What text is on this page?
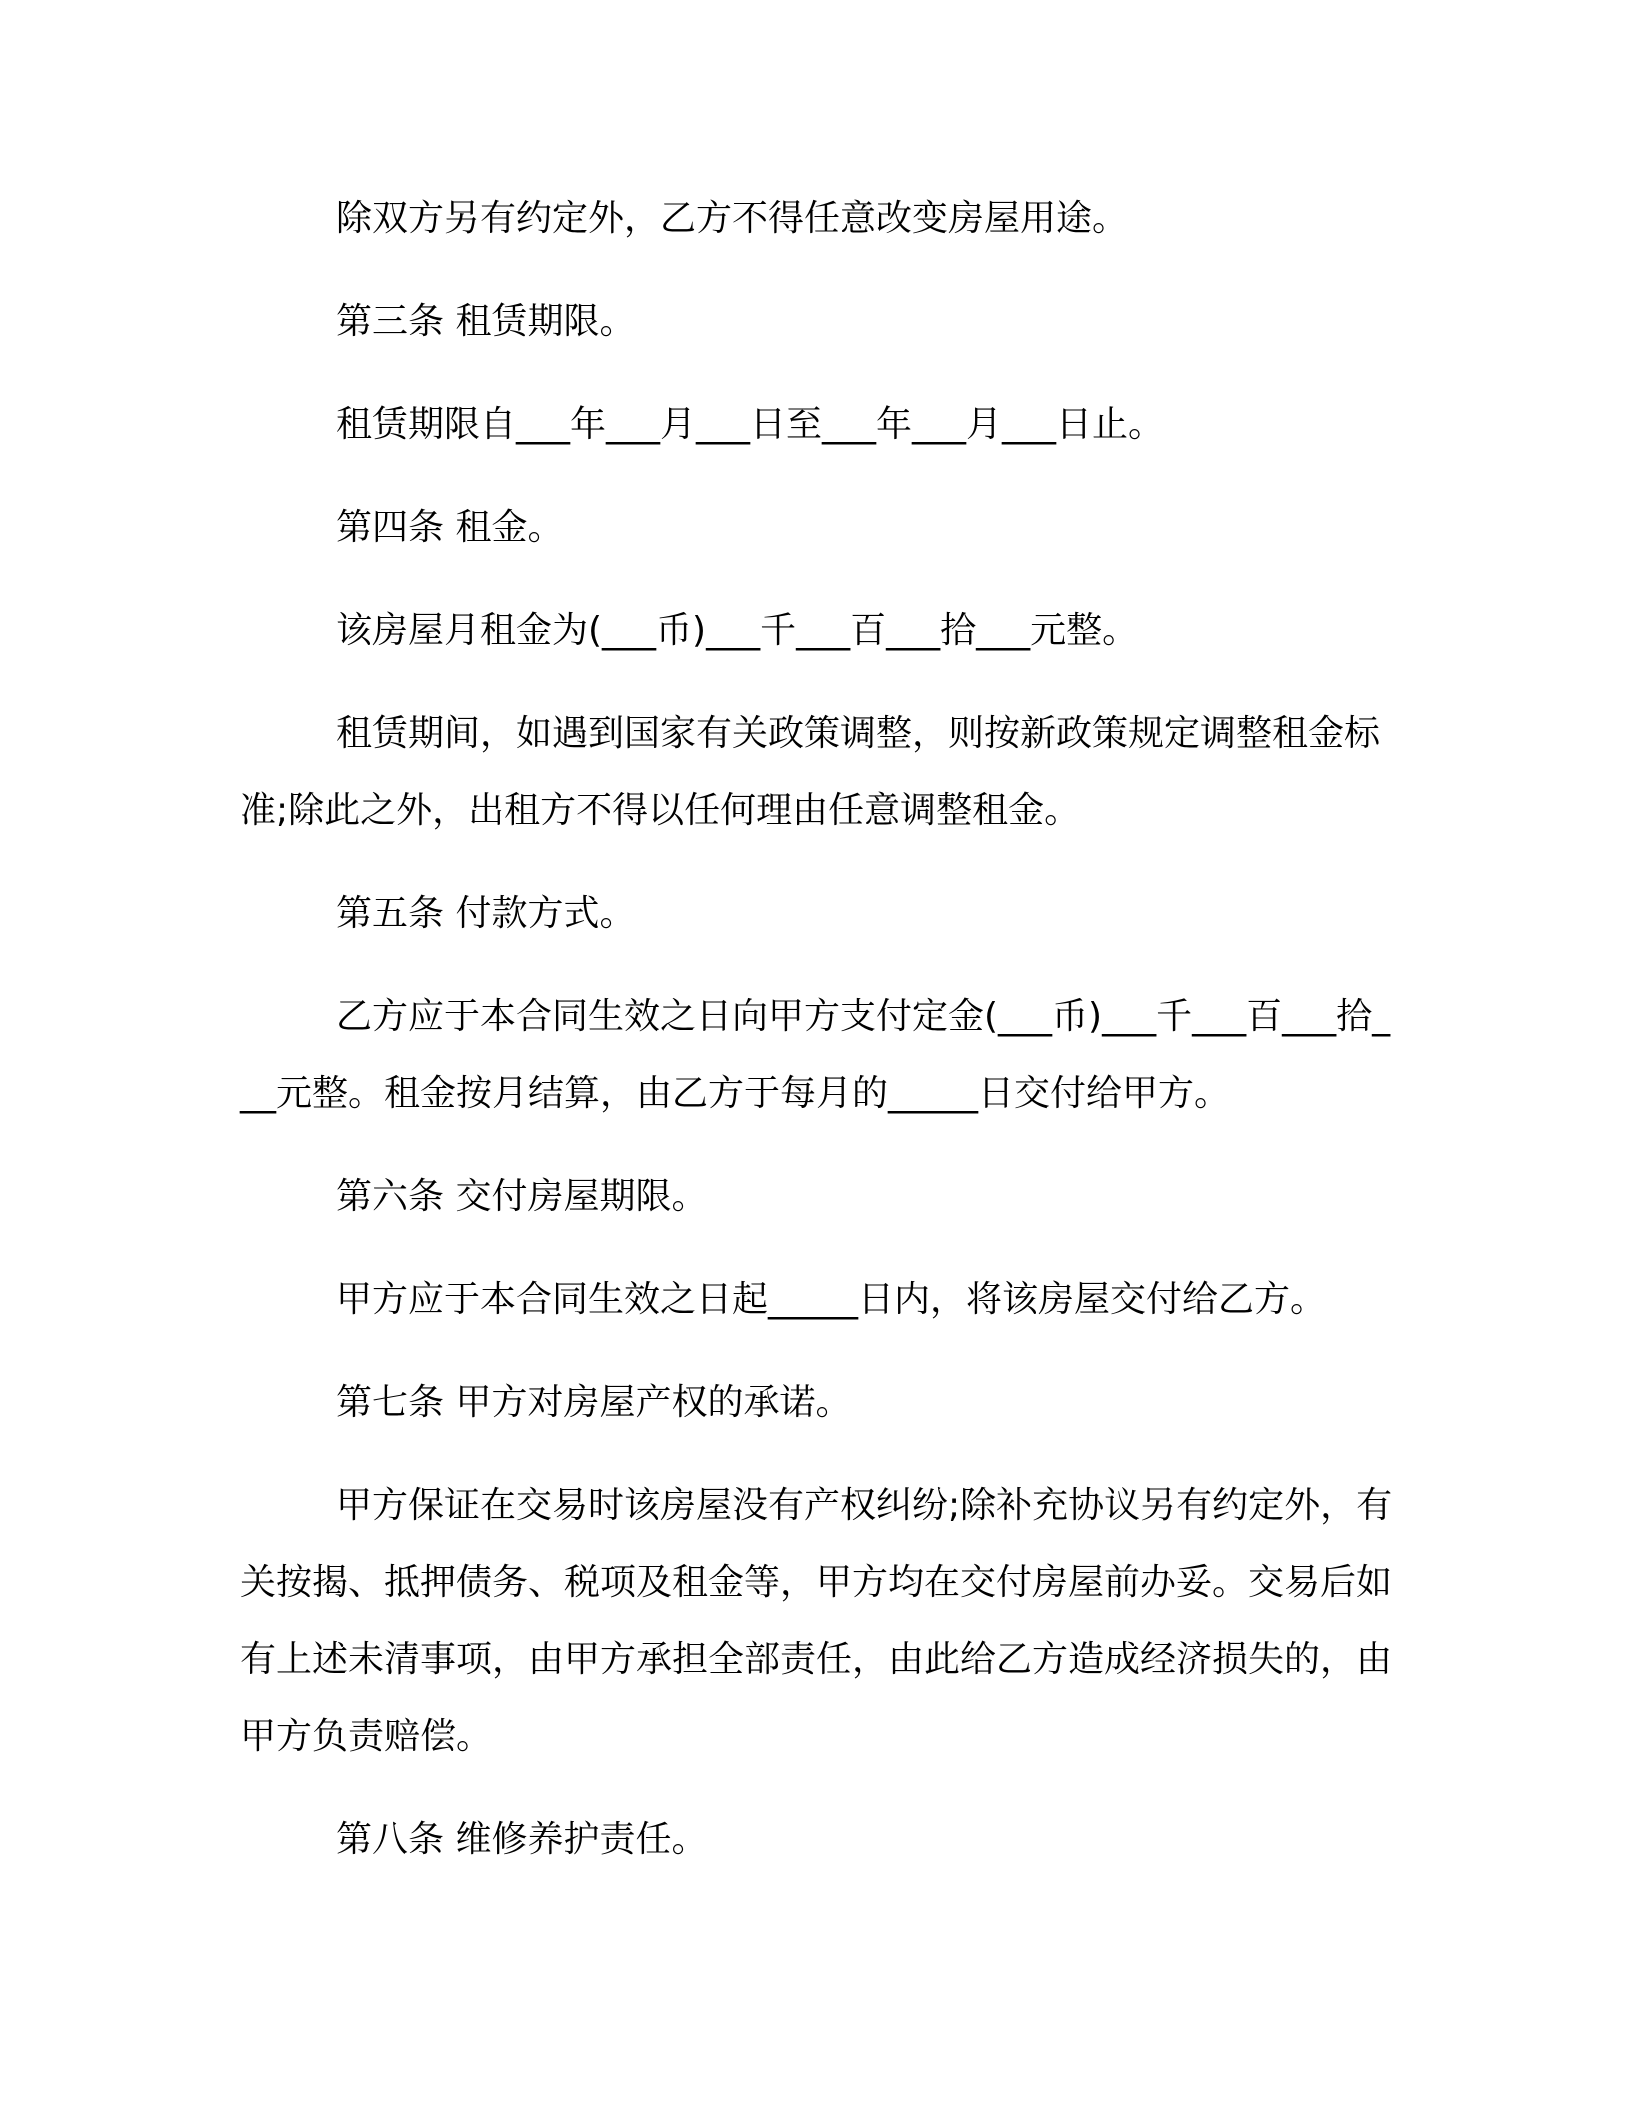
除双方另有约定外，乙方不得任意改变房屋用途。

第三条 租赁期限。

租赁期限自___年___月___日至___年___月___日止。

第四条 租金。

该房屋月租金为(___币)___千___百___拾___元整。

租赁期间，如遇到国家有关政策调整，则按新政策规定调整租金标准;除此之外，出租方不得以任何理由任意调整租金。

第五条 付款方式。

乙方应于本合同生效之日向甲方支付定金(___币)___千___百___拾___元整。租金按月结算，由乙方于每月的_____日交付给甲方。

第六条 交付房屋期限。

甲方应于本合同生效之日起_____日内，将该房屋交付给乙方。

第七条 甲方对房屋产权的承诺。

甲方保证在交易时该房屋没有产权纠纷;除补充协议另有约定外，有关按揭、抵押债务、税项及租金等，甲方均在交付房屋前办妥。交易后如有上述未清事项，由甲方承担全部责任，由此给乙方造成经济损失的，由甲方负责赔偿。

第八条 维修养护责任。
